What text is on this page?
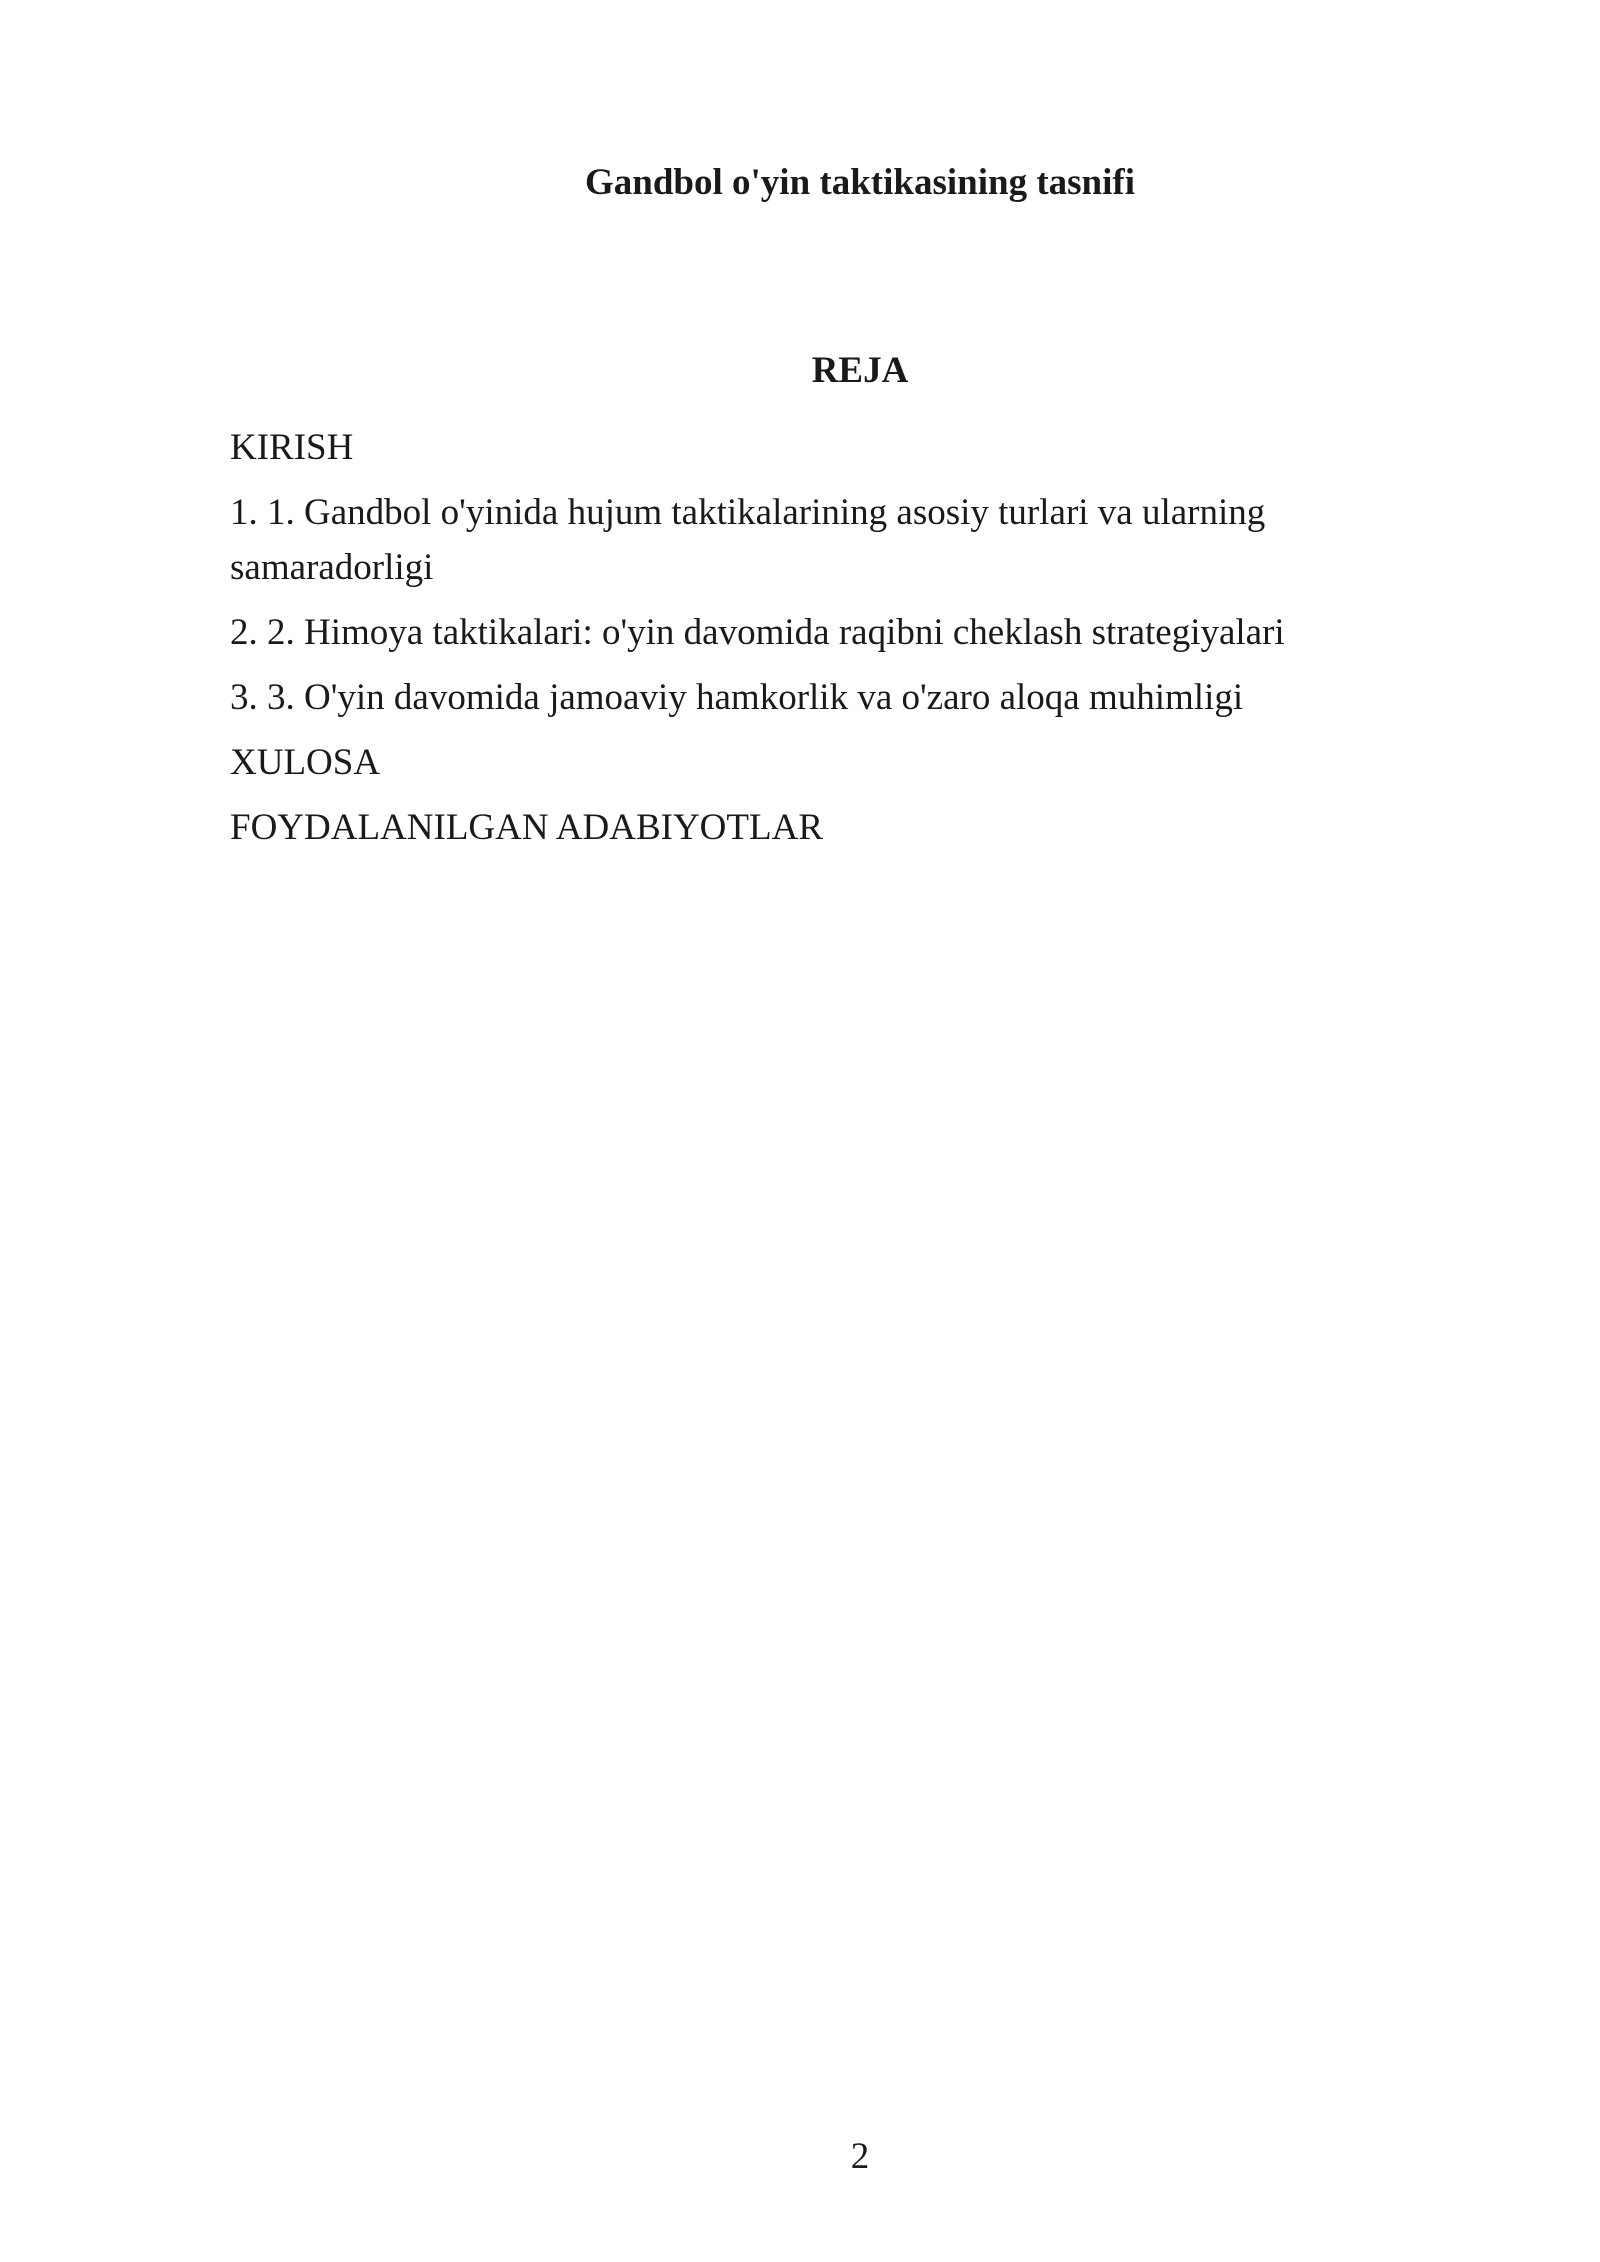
Gandbol o'yin taktikasining tasnifi
REJA
KIRISH
1. 1. Gandbol o'yinida hujum taktikalarining asosiy turlari va ularning samaradorligi
2. 2. Himoya taktikalari: o'yin davomida raqibni cheklash strategiyalari
3. 3. O'yin davomida jamoaviy hamkorlik va o'zaro aloqa muhimligi
XULOSA
FOYDALANILGAN ADABIYOTLAR
2
